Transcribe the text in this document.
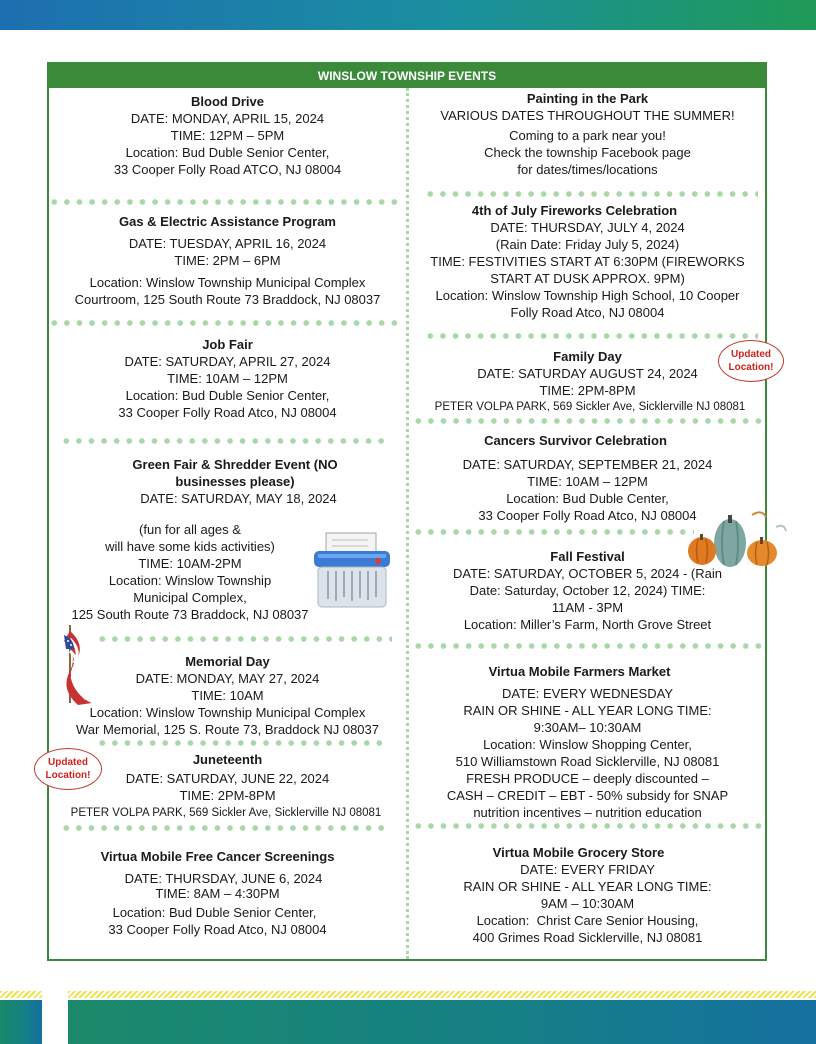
WINSLOW TOWNSHIP EVENTS
Blood Drive
DATE: MONDAY, APRIL 15, 2024
TIME: 12PM – 5PM
Location: Bud Duble Senior Center,
33 Cooper Folly Road ATCO, NJ 08004
Gas & Electric Assistance Program
DATE: TUESDAY, APRIL 16, 2024
TIME: 2PM – 6PM
Location: Winslow Township Municipal Complex
Courtroom, 125 South Route 73 Braddock, NJ 08037
Job Fair
DATE: SATURDAY, APRIL 27, 2024
TIME: 10AM – 12PM
Location: Bud Duble Senior Center,
33 Cooper Folly Road Atco, NJ 08004
Green Fair & Shredder Event (NO businesses please)
DATE: SATURDAY, MAY 18, 2024
(fun for all ages &
will have some kids activities)
TIME: 10AM-2PM
Location: Winslow Township
Municipal Complex,
125 South Route 73 Braddock, NJ 08037
Memorial Day
DATE: MONDAY, MAY 27, 2024
TIME: 10AM
Location: Winslow Township Municipal Complex
War Memorial, 125 S. Route 73, Braddock NJ 08037
Updated Location!
Juneteenth
DATE: SATURDAY, JUNE 22, 2024
TIME: 2PM-8PM
PETER VOLPA PARK, 569 Sickler Ave, Sicklerville NJ 08081
Virtua Mobile Free Cancer Screenings
DATE: THURSDAY, JUNE 6, 2024
TIME: 8AM – 4:30PM
Location: Bud Duble Senior Center,
33 Cooper Folly Road Atco, NJ 08004
Painting in the Park
VARIOUS DATES THROUGHOUT THE SUMMER!
Coming to a park near you!
Check the township Facebook page
for dates/times/locations
4th of July Fireworks Celebration
DATE: THURSDAY, JULY 4, 2024
(Rain Date: Friday July 5, 2024)
TIME: FESTIVITIES START AT 6:30PM (FIREWORKS
START AT DUSK APPROX. 9PM)
Location: Winslow Township High School, 10 Cooper
Folly Road Atco, NJ 08004
Family Day
DATE: SATURDAY AUGUST 24, 2024
TIME: 2PM-8PM
Updated Location!
PETER VOLPA PARK, 569 Sickler Ave, Sicklerville NJ 08081
Cancers Survivor Celebration
DATE: SATURDAY, SEPTEMBER 21, 2024
TIME: 10AM – 12PM
Location: Bud Duble Center,
33 Cooper Folly Road Atco, NJ 08004
Fall Festival
DATE: SATURDAY, OCTOBER 5, 2024 - (Rain
Date: Saturday, October 12, 2024) TIME:
11AM - 3PM
Location: Miller’s Farm, North Grove Street
Virtua Mobile Farmers Market
DATE: EVERY WEDNESDAY
RAIN OR SHINE - ALL YEAR LONG TIME:
9:30AM– 10:30AM
Location: Winslow Shopping Center,
510 Williamstown Road Sicklerville, NJ 08081
FRESH PRODUCE – deeply discounted –
CASH – CREDIT – EBT - 50% subsidy for SNAP
nutrition incentives – nutrition education
Virtua Mobile Grocery Store
DATE: EVERY FRIDAY
RAIN OR SHINE - ALL YEAR LONG TIME:
9AM – 10:30AM
Location:  Christ Care Senior Housing,
400 Grimes Road Sicklerville, NJ 08081
